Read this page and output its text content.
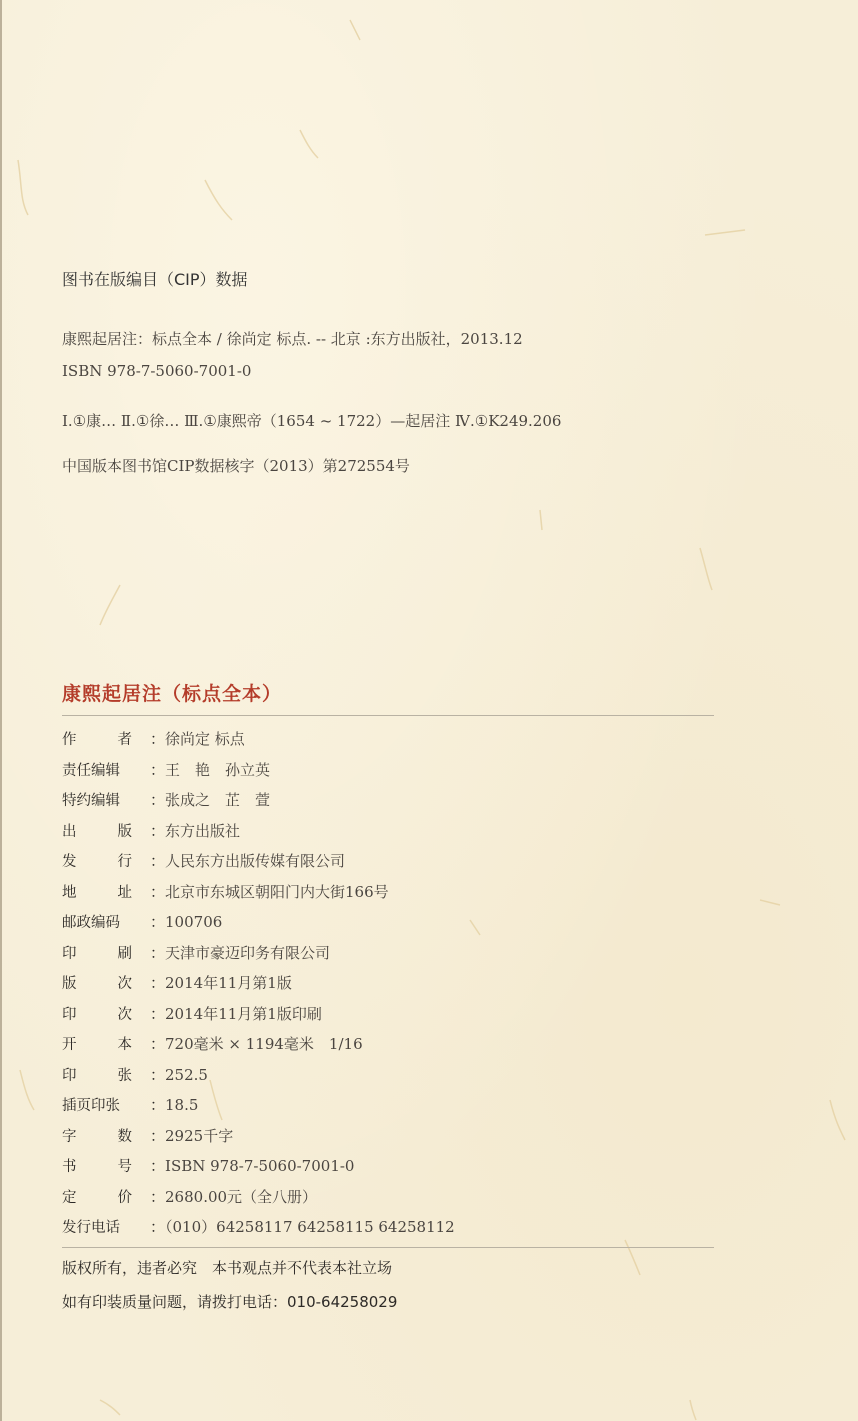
图书在版编目（CIP）数据
康熙起居注：标点全本 / 徐尚定 标点. -- 北京 :东方出版社，2013.12
ISBN 978-7-5060-7001-0
Ⅰ.①康… Ⅱ.①徐… Ⅲ.①康熙帝（1654 ~ 1722）—起居注 Ⅳ.①K249.206
中国版本图书馆CIP数据核字（2013）第272554号
康熙起居注（标点全本）
作	者 ：徐尚定 标点
责任编辑 ：王　艳　孙立英
特约编辑 ：张成之　芷　萱
出	版 ：东方出版社
发	行 ：人民东方出版传媒有限公司
地	址 ：北京市东城区朝阳门内大街166号
邮政编码 ：100706
印	刷 ：天津市豪迈印务有限公司
版	次 ：2014年11月第1版
印	次 ：2014年11月第1版印刷
开	本 ：720毫米 × 1194毫米　1/16
印	张 ：252.5
插页印张 ：18.5
字	数 ：2925千字
书	号 ：ISBN 978-7-5060-7001-0
定	价 ：2680.00元（全八册）
发行电话 ：（010）64258117 64258115 64258112
版权所有，违者必究　本书观点并不代表本社立场
如有印装质量问题，请拨打电话：010-64258029
